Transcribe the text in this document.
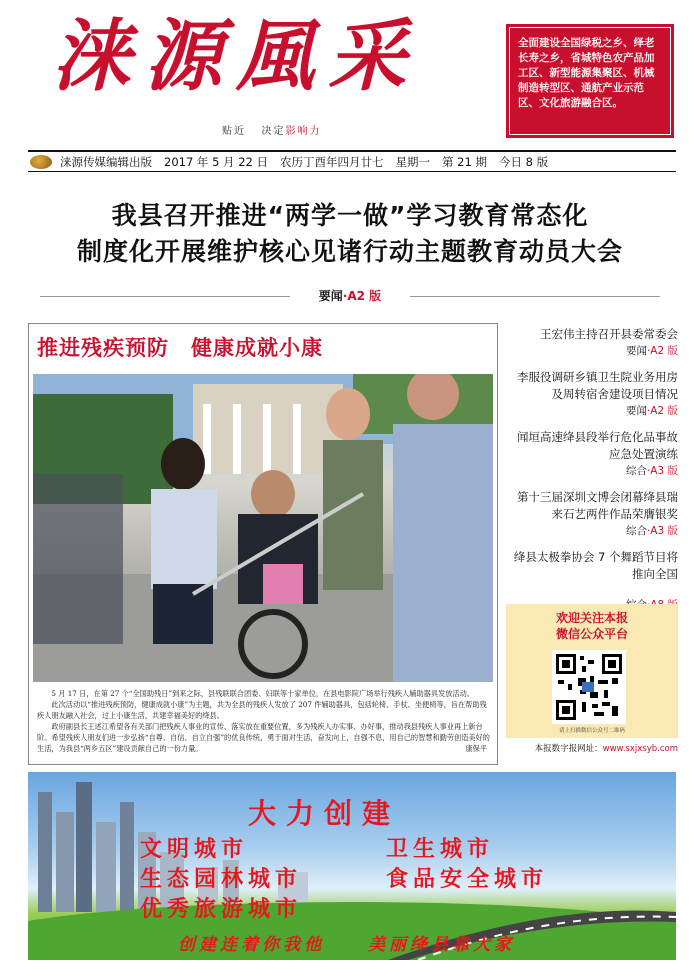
涞源風采
贴近 决定影响力
全面建设全国绿税之乡、绎老长寿之乡，省城特色农产品加工区、新型能源集聚区、机械制造转型区、通航产业示范区、文化旅游融合区。
涞源传媒编辑出版 2017 年 5 月 22 日 农历丁酉年四月廿七 星期一 第 21 期 今日 8 版
我县召开推进“两学一做”学习教育常态化
制度化开展维护核心见诸行动主题教育动员大会
要闻·A2 版
推进残疾预防　健康成就小康

5 月 17 日，在第 27 个“全国助残日”到来之际，县残联联合团委、妇联等十家单位，在县电影院广场举行残疾人辅助器具发放活动。

此次活动以“推进残疾预防，健康成就小康”为主题，共为全县的残疾人发放了 207 件辅助器具，包括轮椅、手杖、坐便椅等，旨在帮助残疾人朋友融入社会，过上小康生活，共建幸福美好的绛县。

政府副县长王述江希望各有关部门把残疾人事业的宣传、落实放在重要位置，多为残疾人办实事、办好事，推动我县残疾人事业再上新台阶。希望残疾人朋友们进一步弘扬“自尊、自信、自立自强”的优良传统，勇于面对生活，奋发向上，自强不息，用自己的智慧和勤劳创造美好的生活，为我县“两乡五区”建设贡献自己的一份力量。	康保平
王宏伟主持召开县委常委会
要闻·A2 版
李服役调研乡镇卫生院业务用房及周转宿舍建设项目情况
要闻·A2 版
闻垣高速绛县段举行危化品事故应急处置演练
综合·A3 版
第十三届深圳文博会闭幕绛县瑞来石艺两件作品荣膺银奖
综合·A3 版
绛县太极拳协会 7 个舞蹈节目将推向全国
欢迎关注本报
微信公众平台
请上扫描微信公众号二维码
本报数字报网址：www.sxjxsyb.com
大力创建
文明城市	卫生城市
生态园林城市	食品安全城市
优秀旅游城市
创建连着你我他	美丽绛县靠大家
